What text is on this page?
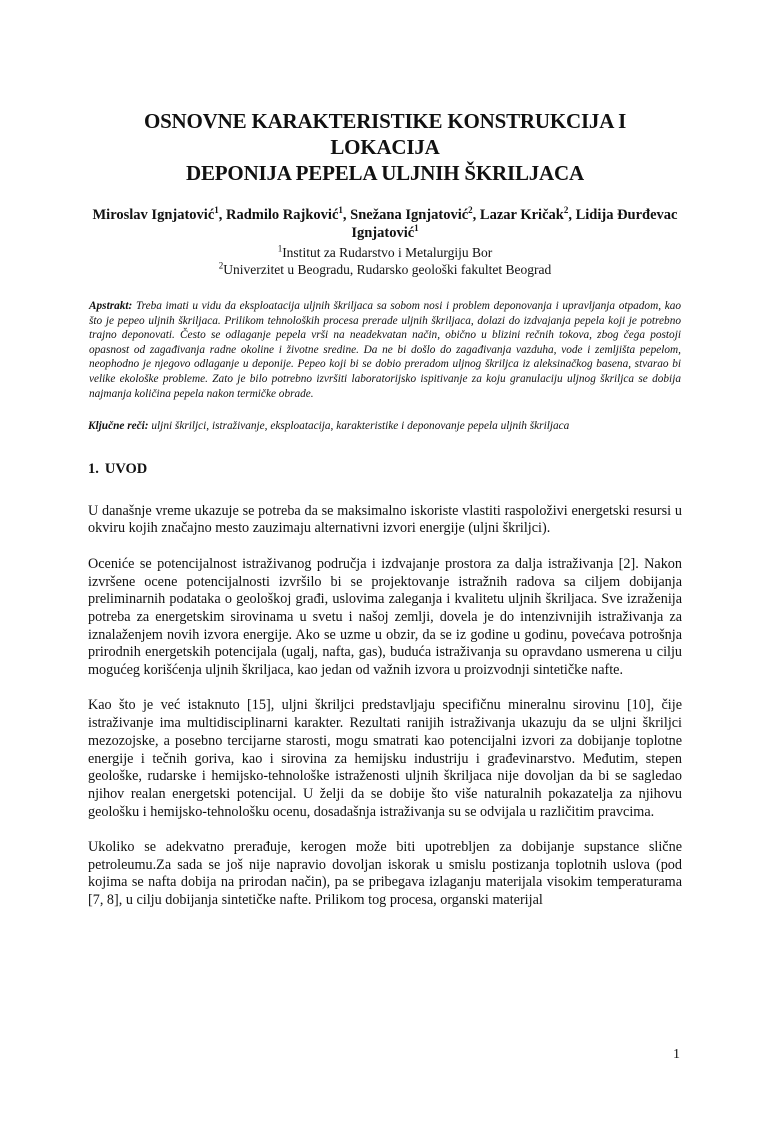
OSNOVNE KARAKTERISTIKE KONSTRUKCIJA I LOKACIJA
DEPONIJA PEPELA ULJNIH ŠKRILJACA
Miroslav Ignjatović$^1$, Radmilo Rajković$^1$, Snežana Ignjatović$^2$, Lazar Kričak$^2$, Lidija Đurđevac Ignjatović$^1$
$^1$Institut za Rudarstvo i Metalurgiju Bor
$^2$Univerzitet u Beogradu, Rudarsko geološki fakultet Beograd

Apstrakt: Treba imati u vidu da eksploatacija uljnih škriljaca sa sobom nosi i problem deponovanja i upravljanja otpadom, kao što je pepeo uljnih škriljaca. Prilikom tehnoloških procesa prerade uljnih škriljaca, dolazi do izdvajanja pepela koji je potrebno trajno deponovati. Često se odlaganje pepela vrši na neadekvatan način, obično u blizini rečnih tokova, zbog čega postoji opasnost od zagađivanja radne okoline i životne sredine. Da ne bi došlo do zagađivanja vazduha, vode i zemljišta pepelom, neophodno je njegovo odlaganje u deponije. Pepeo koji bi se dobio preradom uljnog škriljca iz aleksinačkog basena, stvarao bi velike ekološke probleme. Zato je bilo potrebno izvršiti laboratorijsko ispitivanje za koju granulaciju uljnog škriljca se dobija najmanja količina pepela nakon termičke obrade.

Ključne reči: uljni škriljci, istraživanje, eksploatacija, karakteristike i deponovanje pepela uljnih škriljaca

1. UVOD

U današnje vreme ukazuje se potreba da se maksimalno iskoriste vlastiti raspoloživi energetski resursi u okviru kojih značajno mesto zauzimaju alternativni izvori energije (uljni škriljci).

Oceniće se potencijalnost istraživanog područja i izdvajanje prostora za dalja istraživanja [2]. Nakon izvršene ocene potencijalnosti izvršilo bi se projektovanje istražnih radova sa ciljem dobijanja preliminarnih podataka o geološkoj građi, uslovima zaleganja i kvalitetu uljnih škriljaca. Sve izraženija potreba za energetskim sirovinama u svetu i našoj zemlji, dovela je do intenzivnijih istraživanja za iznalaženjem novih izvora energije. Ako se uzme u obzir, da se iz godine u godinu, povećava potrošnja prirodnih energetskih potencijala (ugalj, nafta, gas), buduća istraživanja su opravdano usmerena u cilju mogućeg korišćenja uljnih škriljaca, kao jedan od važnih izvora u proizvodnji sintetičke nafte.

Kao što je već istaknuto [15], uljni škriljci predstavljaju specifičnu mineralnu sirovinu [10], čije istraživanje ima multidisciplinarni karakter. Rezultati ranijih istraživanja ukazuju da se uljni škriljci mezozojske, a posebno tercijarne starosti, mogu smatrati kao potencijalni izvori za dobijanje toplotne energije i tečnih goriva, kao i sirovina za hemijsku industriju i građevinarstvo. Međutim, stepen geološke, rudarske i hemijsko-tehnološke istraženosti uljnih škriljaca nije dovoljan da bi se sagledao njihov realan energetski potencijal. U želji da se dobije što više naturalnih pokazatelja za njihovu geološku i hemijsko-tehnološku ocenu, dosadašnja istraživanja su se odvijala u različitim pravcima.

Ukoliko se adekvatno prerađuje, kerogen može biti upotrebljen za dobijanje supstance slične petroleumu.Za sada se još nije napravio dovoljan iskorak u smislu postizanja toplotnih uslova (pod kojima se nafta dobija na prirodan način), pa se pribegava izlaganju materijala visokim temperaturama [7, 8], u cilju dobijanja sintetičke nafte. Prilikom tog procesa, organski materijal

1
